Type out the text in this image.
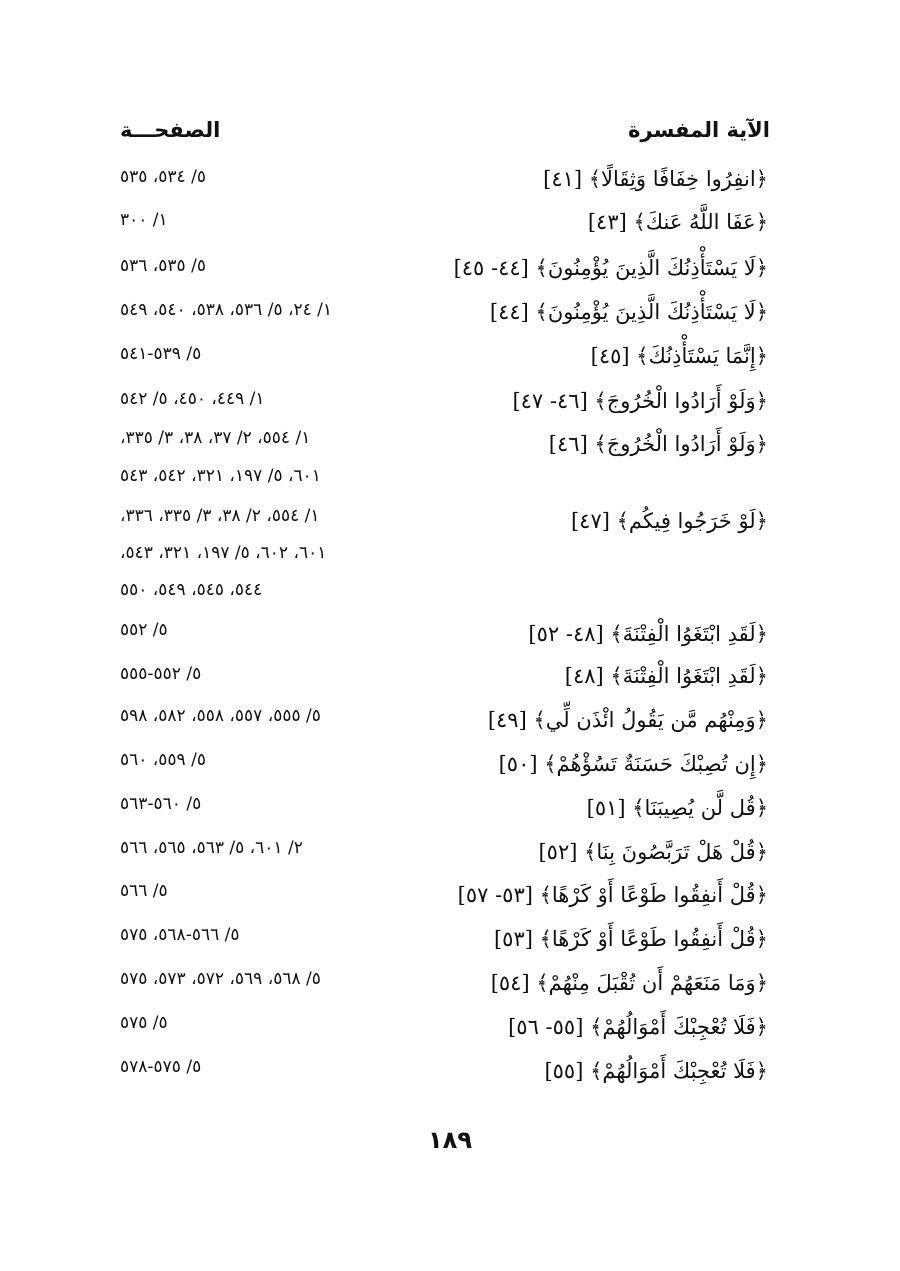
الآية المفسرة
الصفحـــة
﴿انفِرُوا خِفَافًا وَثِقَالًا﴾ [٤١]
٥/ ٥٣٤، ٥٣٥
﴿عَفَا اللَّهُ عَنكَ﴾ [٤٣]
١/ ٣٠٠
﴿لَا يَسْتَأْذِنُكَ الَّذِينَ يُؤْمِنُونَ﴾ [٤٤- ٤٥]
٥/ ٥٣٥، ٥٣٦
﴿لَا يَسْتَأْذِنُكَ الَّذِينَ يُؤْمِنُونَ﴾ [٤٤]
١/ ٢٤، ٥/ ٥٣٦، ٥٣٨، ٥٤٠، ٥٤٩
﴿إِنَّمَا يَسْتَأْذِنُكَ﴾ [٤٥]
٥/ ٥٣٩-٥٤١
﴿وَلَوْ أَرَادُوا الْخُرُوجَ﴾ [٤٦- ٤٧]
١/ ٤٤٩، ٤٥٠، ٥/ ٥٤٢
﴿وَلَوْ أَرَادُوا الْخُرُوجَ﴾ [٤٦]
١/ ٥٥٤، ٢/ ٣٧، ٣٨، ٣/ ٣٣٥،
٦٠١، ٥/ ١٩٧، ٣٢١، ٥٤٢، ٥٤٣
﴿لَوْ خَرَجُوا فِيكُم﴾ [٤٧]
١/ ٥٥٤، ٢/ ٣٨، ٣/ ٣٣٥، ٣٣٦،
٦٠١، ٦٠٢، ٥/ ١٩٧، ٣٢١، ٥٤٣،
٥٤٤، ٥٤٥، ٥٤٩، ٥٥٠
﴿لَقَدِ ابْتَغَوُا الْفِتْنَةَ﴾ [٤٨- ٥٢]
٥/ ٥٥٢
﴿لَقَدِ ابْتَغَوُا الْفِتْنَةَ﴾ [٤٨]
٥/ ٥٥٢-٥٥٥
﴿وَمِنْهُم مَّن يَقُولُ ائْذَن لِّي﴾ [٤٩]
٥/ ٥٥٥، ٥٥٧، ٥٥٨، ٥٨٢، ٥٩٨
﴿إِن تُصِبْكَ حَسَنَةٌ تَسُؤْهُمْ﴾ [٥٠]
٥/ ٥٥٩، ٥٦٠
﴿قُل لَّن يُصِيبَنَا﴾ [٥١]
٥/ ٥٦٠-٥٦٣
﴿قُلْ هَلْ تَرَبَّصُونَ بِنَا﴾ [٥٢]
٢/ ٦٠١، ٥/ ٥٦٣، ٥٦٥، ٥٦٦
﴿قُلْ أَنفِقُوا طَوْعًا أَوْ كَرْهًا﴾ [٥٣- ٥٧]
٥/ ٥٦٦
﴿قُلْ أَنفِقُوا طَوْعًا أَوْ كَرْهًا﴾ [٥٣]
٥/ ٥٦٦-٥٦٨، ٥٧٥
﴿وَمَا مَنَعَهُمْ أَن تُقْبَلَ مِنْهُمْ﴾ [٥٤]
٥/ ٥٦٨، ٥٦٩، ٥٧٢، ٥٧٣، ٥٧٥
﴿فَلَا تُعْجِبْكَ أَمْوَالُهُمْ﴾ [٥٥- ٥٦]
٥/ ٥٧٥
﴿فَلَا تُعْجِبْكَ أَمْوَالُهُمْ﴾ [٥٥]
٥/ ٥٧٥-٥٧٨
١٨٩
